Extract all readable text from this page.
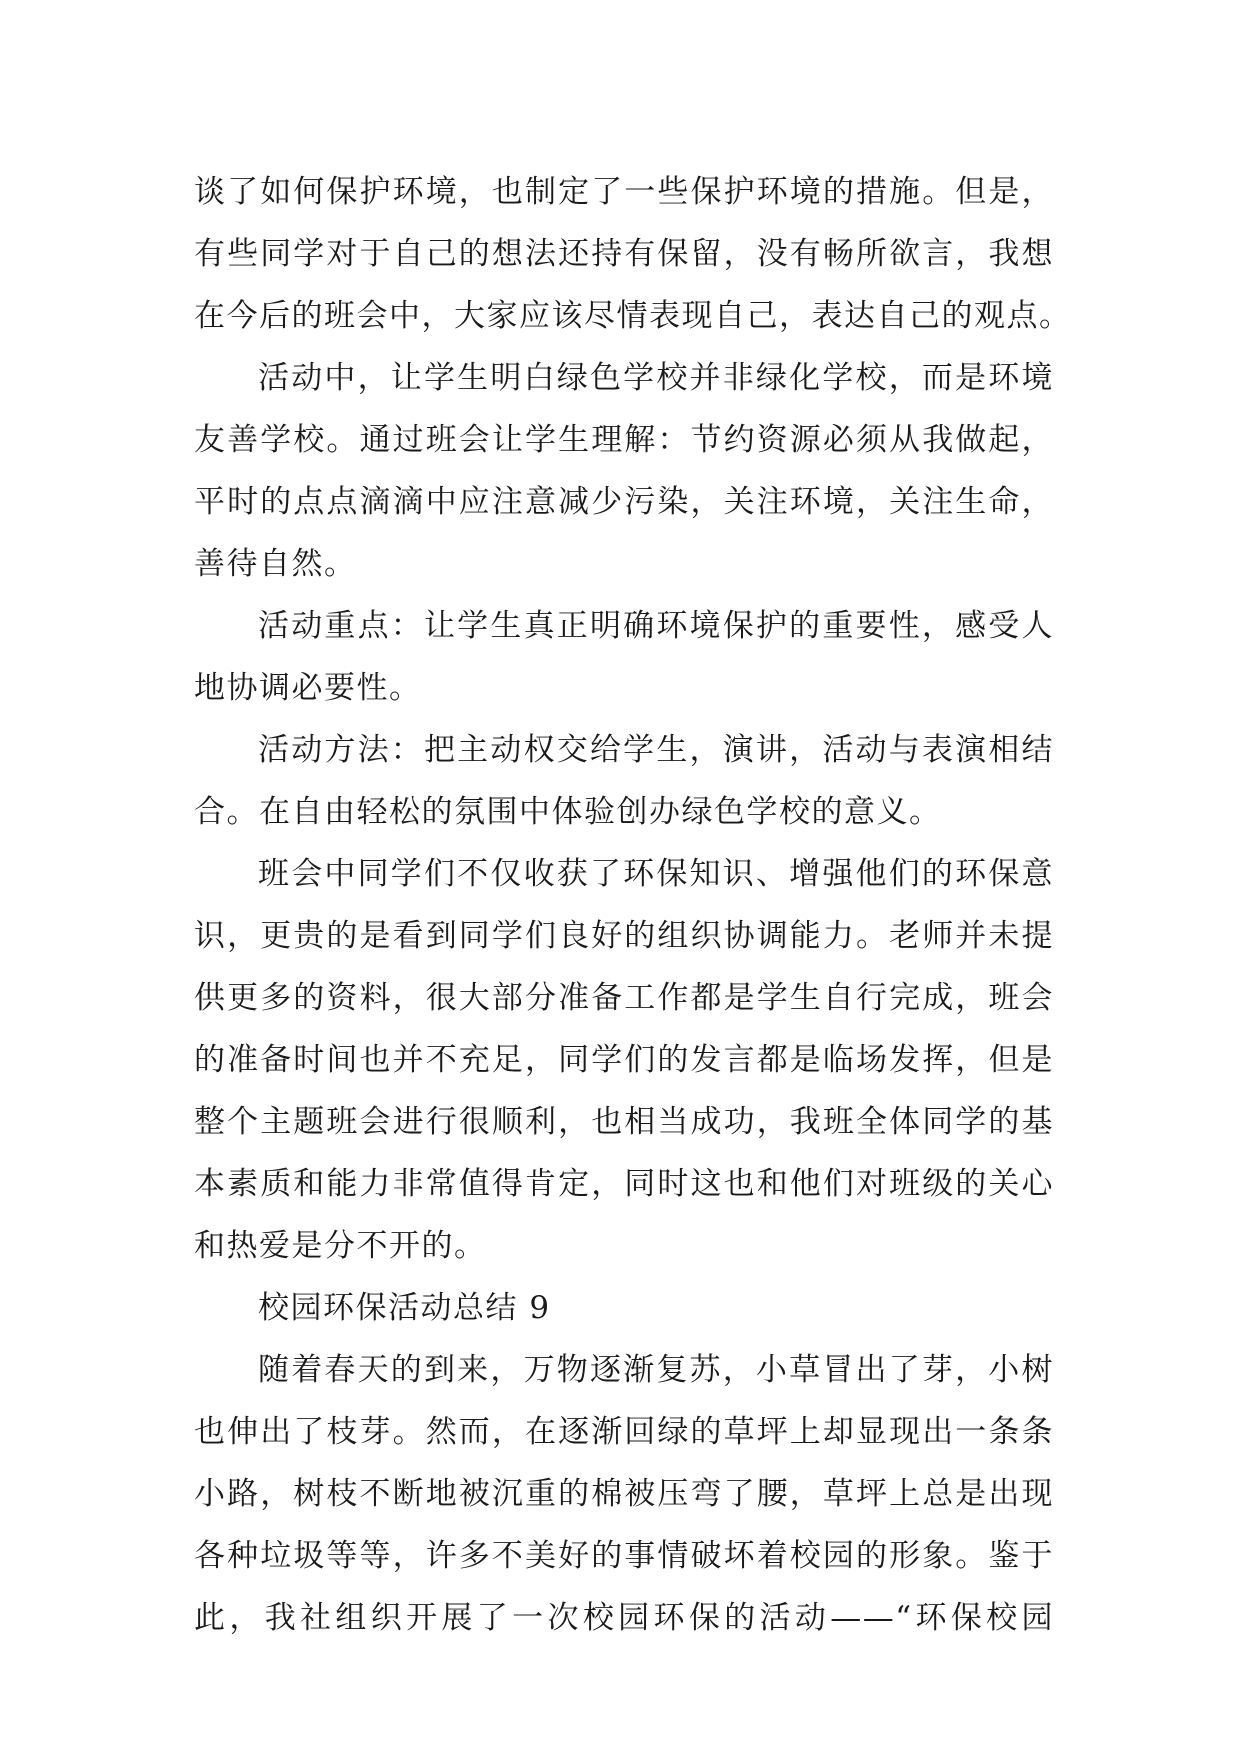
谈了如何保护环境，也制定了一些保护环境的措施。但是，
有些同学对于自己的想法还持有保留，没有畅所欲言，我想
在今后的班会中，大家应该尽情表现自己，表达自己的观点。
活动中，让学生明白绿色学校并非绿化学校，而是环境
友善学校。通过班会让学生理解：节约资源必须从我做起，
平时的点点滴滴中应注意减少污染，关注环境，关注生命，
善待自然。
活动重点：让学生真正明确环境保护的重要性，感受人
地协调必要性。
活动方法：把主动权交给学生，演讲，活动与表演相结
合。在自由轻松的氛围中体验创办绿色学校的意义。
班会中同学们不仅收获了环保知识、增强他们的环保意
识，更贵的是看到同学们良好的组织协调能力。老师并未提
供更多的资料，很大部分准备工作都是学生自行完成，班会
的准备时间也并不充足，同学们的发言都是临场发挥，但是
整个主题班会进行很顺利，也相当成功，我班全体同学的基
本素质和能力非常值得肯定，同时这也和他们对班级的关心
和热爱是分不开的。
校园环保活动总结 9
随着春天的到来，万物逐渐复苏，小草冒出了芽，小树
也伸出了枝芽。然而，在逐渐回绿的草坪上却显现出一条条
小路，树枝不断地被沉重的棉被压弯了腰，草坪上总是出现
各种垃圾等等，许多不美好的事情破坏着校园的形象。鉴于
此，我社组织开展了一次校园环保的活动——“环保校园
